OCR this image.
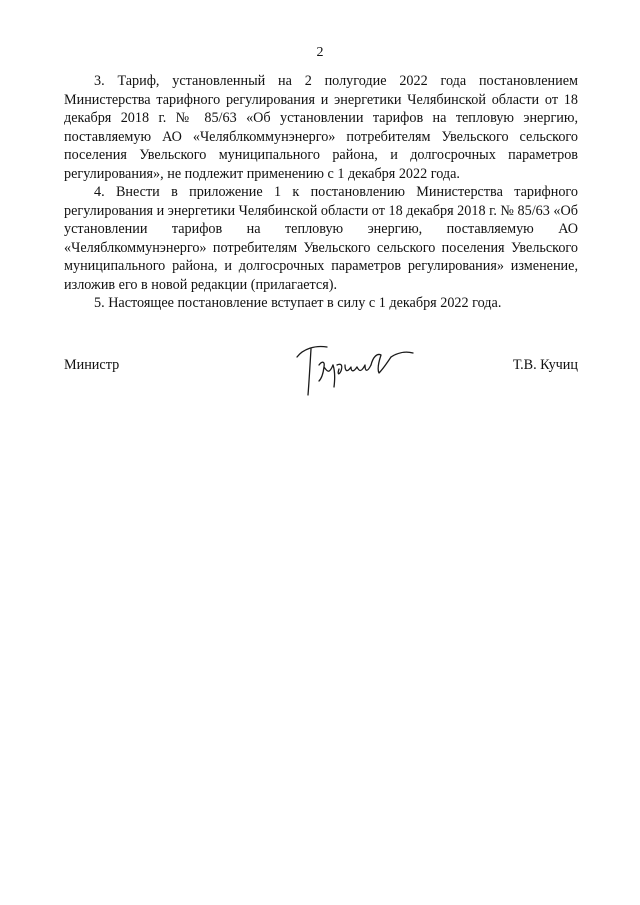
2

3. Тариф, установленный на 2 полугодие 2022 года постановлением Министерства тарифного регулирования и энергетики Челябинской области от 18 декабря 2018 г. № 85/63 «Об установлении тарифов на тепловую энергию, поставляемую АО «Челяблкоммунэнерго» потребителям Увельского сельского поселения Увельского муниципального района, и долгосрочных параметров регулирования», не подлежит применению с 1 декабря 2022 года.

4. Внести в приложение 1 к постановлению Министерства тарифного регулирования и энергетики Челябинской области от 18 декабря 2018 г. № 85/63 «Об установлении тарифов на тепловую энергию, поставляемую АО «Челяблкоммунэнерго» потребителям Увельского сельского поселения Увельского муниципального района, и долгосрочных параметров регулирования» изменение, изложив его в новой редакции (прилагается).

5. Настоящее постановление вступает в силу с 1 декабря 2022 года.

Министр	Т.В. Кучиц
